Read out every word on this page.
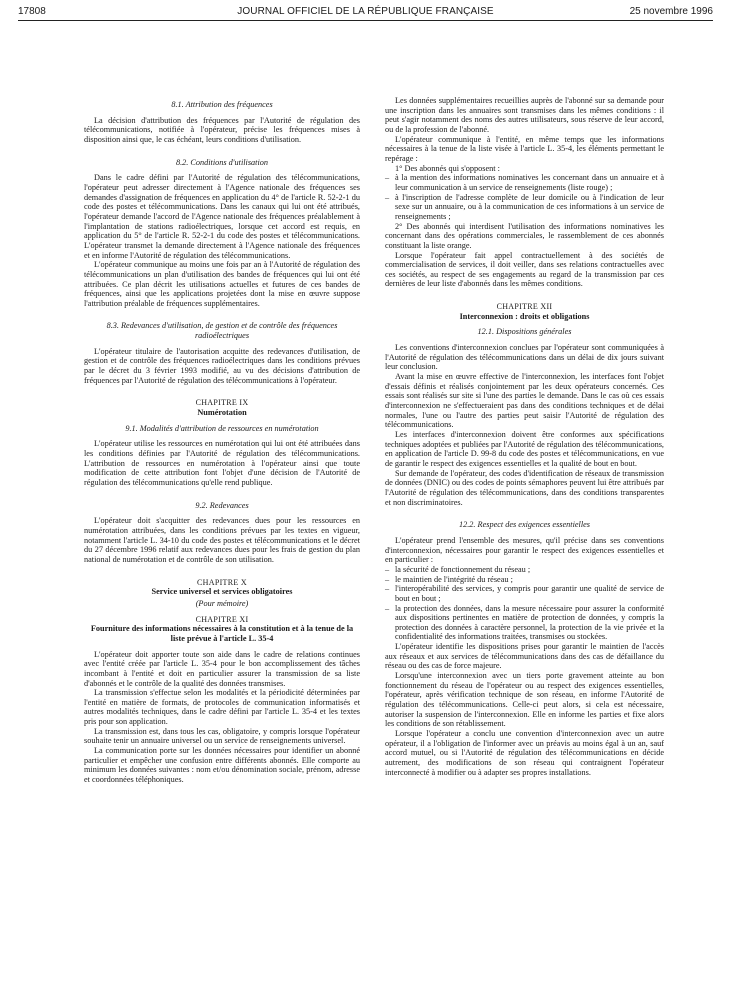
17808	JOURNAL OFFICIEL DE LA RÉPUBLIQUE FRANÇAISE	25 novembre 1996

8.1. Attribution des fréquences

La décision d'attribution des fréquences par l'Autorité de régulation des télécommunications, notifiée à l'opérateur, précise les fréquences mises à disposition ainsi que, le cas échéant, leurs conditions d'utilisation.

8.2. Conditions d'utilisation

Dans le cadre défini par l'Autorité de régulation des télécommunications, l'opérateur peut adresser directement à l'Agence nationale des fréquences ses demandes d'assignation de fréquences en application du 4° de l'article R. 52-2-1 du code des postes et télécommunications. Dans les canaux qui lui ont été attribués, l'opérateur demande l'accord de l'Agence nationale des fréquences préalablement à l'implantation de stations radioélectriques, lorsque cet accord est requis, en application du 5° de l'article R. 52-2-1 du code des postes et télécommunications. L'opérateur transmet la demande directement à l'Agence nationale des fréquences et en informe l'Autorité de régulation des télécommunications.

L'opérateur communique au moins une fois par an à l'Autorité de régulation des télécommunications un plan d'utilisation des bandes de fréquences qui lui ont été attribuées. Ce plan décrit les utilisations actuelles et futures de ces bandes de fréquences, ainsi que les applications projetées dont la mise en œuvre suppose l'attribution préalable de fréquences supplémentaires.

8.3. Redevances d'utilisation, de gestion et de contrôle des fréquences radioélectriques

L'opérateur titulaire de l'autorisation acquitte des redevances d'utilisation, de gestion et de contrôle des fréquences radioélectriques dans les conditions prévues par le décret du 3 février 1993 modifié, au vu des décisions d'attribution de fréquences par l'Autorité de régulation des télécommunications à l'opérateur.

CHAPITRE IX

Numérotation

9.1. Modalités d'attribution de ressources en numérotation

L'opérateur utilise les ressources en numérotation qui lui ont été attribuées dans les conditions définies par l'Autorité de régulation des télécommunications. L'attribution de ressources en numérotation à l'opérateur ainsi que toute modification de cette attribution font l'objet d'une décision de l'Autorité de régulation des télécommunications qu'elle rend publique.

9.2. Redevances

L'opérateur doit s'acquitter des redevances dues pour les ressources en numérotation attribuées, dans les conditions prévues par les textes en vigueur, notamment l'article L. 34-10 du code des postes et télécommunications et le décret du 27 décembre 1996 relatif aux redevances dues pour les frais de gestion du plan national de numérotation et de contrôle de son utilisation.

CHAPITRE X

Service universel et services obligatoires

(Pour mémoire)

CHAPITRE XI

Fourniture des informations nécessaires à la constitution et à la tenue de la liste prévue à l'article L. 35-4

L'opérateur doit apporter toute son aide dans le cadre de relations continues avec l'entité créée par l'article L. 35-4 pour le bon accomplissement des tâches incombant à l'entité et doit en particulier assurer la transmission de sa liste d'abonnés et le contrôle de la qualité des données transmises.

La transmission s'effectue selon les modalités et la périodicité déterminées par l'entité en matière de formats, de protocoles de communication informatisés et autres modalités techniques, dans le cadre défini par l'article L. 35-4 et les textes pris pour son application.

La transmission est, dans tous les cas, obligatoire, y compris lorsque l'opérateur souhaite tenir un annuaire universel ou un service de renseignements universel.

La communication porte sur les données nécessaires pour identifier un abonné particulier et empêcher une confusion entre différents abonnés. Elle comporte au minimum les données suivantes : nom et/ou dénomination sociale, prénom, adresse et coordonnées téléphoniques.

Les données supplémentaires recueillies auprès de l'abonné sur sa demande pour une inscription dans les annuaires sont transmises dans les mêmes conditions : il peut s'agir notamment des noms des autres utilisateurs, sous réserve de leur accord, ou de la profession de l'abonné.

L'opérateur communique à l'entité, en même temps que les informations nécessaires à la tenue de la liste visée à l'article L. 35-4, les éléments permettant le repérage :

1° Des abonnés qui s'opposent :

– à la mention des informations nominatives les concernant dans un annuaire et à leur communication à un service de renseignements (liste rouge) ;

– à l'inscription de l'adresse complète de leur domicile ou à l'indication de leur sexe sur un annuaire, ou à la communication de ces informations à un service de renseignements ;

2° Des abonnés qui interdisent l'utilisation des informations nominatives les concernant dans des opérations commerciales, le rassemblement de ces abonnés constituant la liste orange.

Lorsque l'opérateur fait appel contractuellement à des sociétés de commercialisation de services, il doit veiller, dans ses relations contractuelles avec ces sociétés, au respect de ses engagements au regard de la transmission par ces dernières de leur liste d'abonnés dans les mêmes conditions.

CHAPITRE XII

Interconnexion : droits et obligations

12.1. Dispositions générales

Les conventions d'interconnexion conclues par l'opérateur sont communiquées à l'Autorité de régulation des télécommunications dans un délai de dix jours suivant leur conclusion.

Avant la mise en œuvre effective de l'interconnexion, les interfaces font l'objet d'essais définis et réalisés conjointement par les deux opérateurs concernés. Ces essais sont réalisés sur site si l'une des parties le demande. Dans le cas où ces essais d'interconnexion ne s'effectueraient pas dans des conditions techniques et de délai normales, l'une ou l'autre des parties peut saisir l'Autorité de régulation des télécommunications.

Les interfaces d'interconnexion doivent être conformes aux spécifications techniques adoptées et publiées par l'Autorité de régulation des télécommunications, en application de l'article D. 99-8 du code des postes et télécommunications, en vue de garantir le respect des exigences essentielles et la qualité de bout en bout.

Sur demande de l'opérateur, des codes d'identification de réseaux de transmission de données (DNIC) ou des codes de points sémaphores peuvent lui être attribués par l'Autorité de régulation des télécommunications, dans des conditions transparentes et non discriminatoires.

12.2. Respect des exigences essentielles

L'opérateur prend l'ensemble des mesures, qu'il précise dans ses conventions d'interconnexion, nécessaires pour garantir le respect des exigences essentielles et en particulier :

– la sécurité de fonctionnement du réseau ;

– le maintien de l'intégrité du réseau ;

– l'interopérabilité des services, y compris pour garantir une qualité de service de bout en bout ;

– la protection des données, dans la mesure nécessaire pour assurer la conformité aux dispositions pertinentes en matière de protection de données, y compris la protection des données à caractère personnel, la protection de la vie privée et la confidentialité des informations traitées, transmises ou stockées.

L'opérateur identifie les dispositions prises pour garantir le maintien de l'accès aux réseaux et aux services de télécommunications dans des cas de défaillance du réseau ou des cas de force majeure.

Lorsqu'une interconnexion avec un tiers porte gravement atteinte au bon fonctionnement du réseau de l'opérateur ou au respect des exigences essentielles, l'opérateur, après vérification technique de son réseau, en informe l'Autorité de régulation des télécommunications. Celle-ci peut alors, si cela est nécessaire, autoriser la suspension de l'interconnexion. Elle en informe les parties et fixe alors les conditions de son rétablissement.

Lorsque l'opérateur a conclu une convention d'interconnexion avec un autre opérateur, il a l'obligation de l'informer avec un préavis au moins égal à un an, sauf accord mutuel, ou si l'Autorité de régulation des télécommunications en décide autrement, des modifications de son réseau qui contraignent l'opérateur interconnecté à modifier ou à adapter ses propres installations.
